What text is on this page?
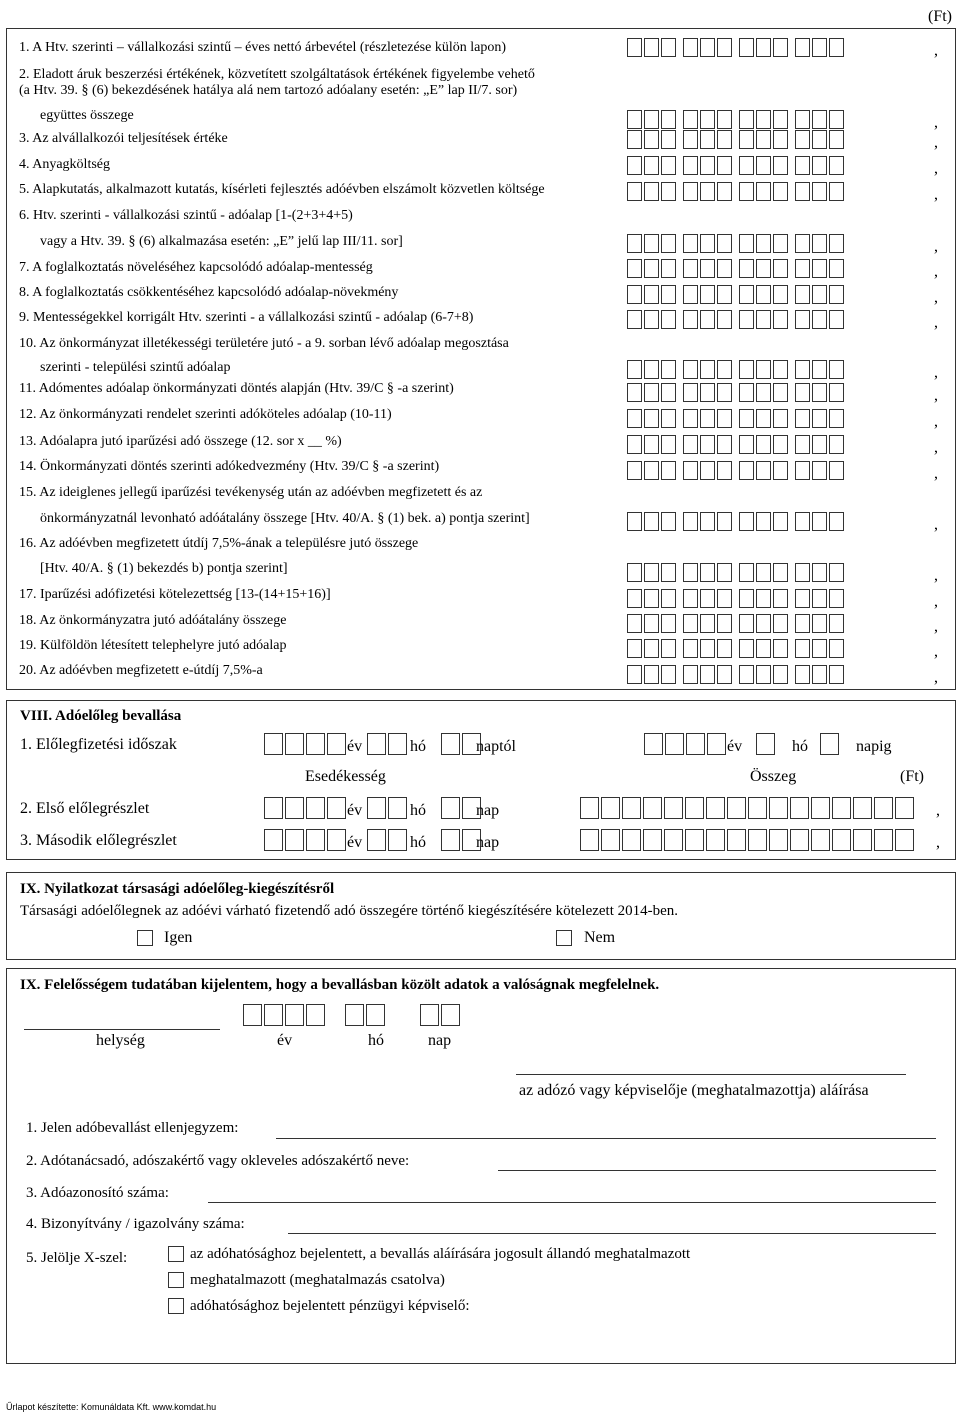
(Ft)
1. A Htv. szerinti – vállalkozási szintű – éves nettó árbevétel (részletezése külön lapon)	,
2. Eladott áruk beszerzési értékének, közvetített szolgáltatások értékének figyelembe vehető
(a Htv. 39. § (6) bekezdésének hatálya alá nem tartozó adóalany esetén: „E” lap II/7. sor)
együttes összege	,
3. Az alvállalkozói teljesítések értéke	,
4. Anyagköltség	,
5. Alapkutatás, alkalmazott kutatás, kísérleti fejlesztés adóévben elszámolt közvetlen költsége	,
6. Htv. szerinti - vállalkozási szintű - adóalap [1-(2+3+4+5)
vagy a Htv. 39. § (6) alkalmazása esetén: „E” jelű lap III/11. sor]	,
7. A foglalkoztatás növeléséhez kapcsolódó adóalap-mentesség	,
8. A foglalkoztatás csökkentéséhez kapcsolódó adóalap-növekmény	,
9. Mentességekkel korrigált Htv. szerinti - a vállalkozási szintű - adóalap (6-7+8)	,
10. Az önkormányzat illetékességi területére jutó - a 9. sorban lévő adóalap megosztása
szerinti - települési szintű adóalap	,
11. Adómentes adóalap önkormányzati döntés alapján (Htv. 39/C § -a szerint)	,
12. Az önkormányzati rendelet szerinti adóköteles adóalap (10-11)	,
13. Adóalapra jutó iparűzési adó összege (12. sor x __ %)	,
14. Önkormányzati döntés szerinti adókedvezmény (Htv. 39/C § -a szerint)	,
15. Az ideiglenes jellegű iparűzési tevékenység után az adóévben megfizetett és az
önkormányzatnál levonható adóátalány összege [Htv. 40/A. § (1) bek. a) pontja szerint]	,
16. Az adóévben megfizetett útdíj 7,5%-ának a településre jutó összege
[Htv. 40/A. § (1) bekezdés b) pontja szerint]	,
17. Iparűzési adófizetési kötelezettség [13-(14+15+16)]	,
18. Az önkormányzatra jutó adóátalány összege	,
19. Külföldön létesített telephelyre jutó adóalap	,
20. Az adóévben megfizetett e-útdíj 7,5%-a	,
VIII. Adóelőleg bevallása
1. Előlegfizetési időszak	év	hó	naptól	év	hó	napig
Esedékesség	Összeg	(Ft)
2. Első előlegrészlet	év	hó	nap	,
3. Második előlegrészlet	év	hó	nap	,
IX. Nyilatkozat társasági adóelőleg-kiegészítésről
Társasági adóelőlegnek az adóévi várható fizetendő adó összegére történő kiegészítésére kötelezett 2014-ben.
Igen	Nem
IX. Felelősségem tudatában kijelentem, hogy a bevallásban közölt adatok a valóságnak megfelelnek.
helység	év	hó	nap
az adózó vagy képviselője (meghatalmazottja) aláírása
1. Jelen adóbevallást ellenjegyzem:
2. Adótanácsadó, adószakértő vagy okleveles adószakértő neve:
3. Adóazonosító száma:
4. Bizonyítvány / igazolvány száma:
5. Jelölje X-szel:	az adóhatósághoz bejelentett, a bevallás aláírására jogosult állandó meghatalmazott
meghatalmazott (meghatalmazás csatolva)
adóhatósághoz bejelentett pénzügyi képviselő:
Űrlapot készítette: Komunáldata Kft. www.komdat.hu
